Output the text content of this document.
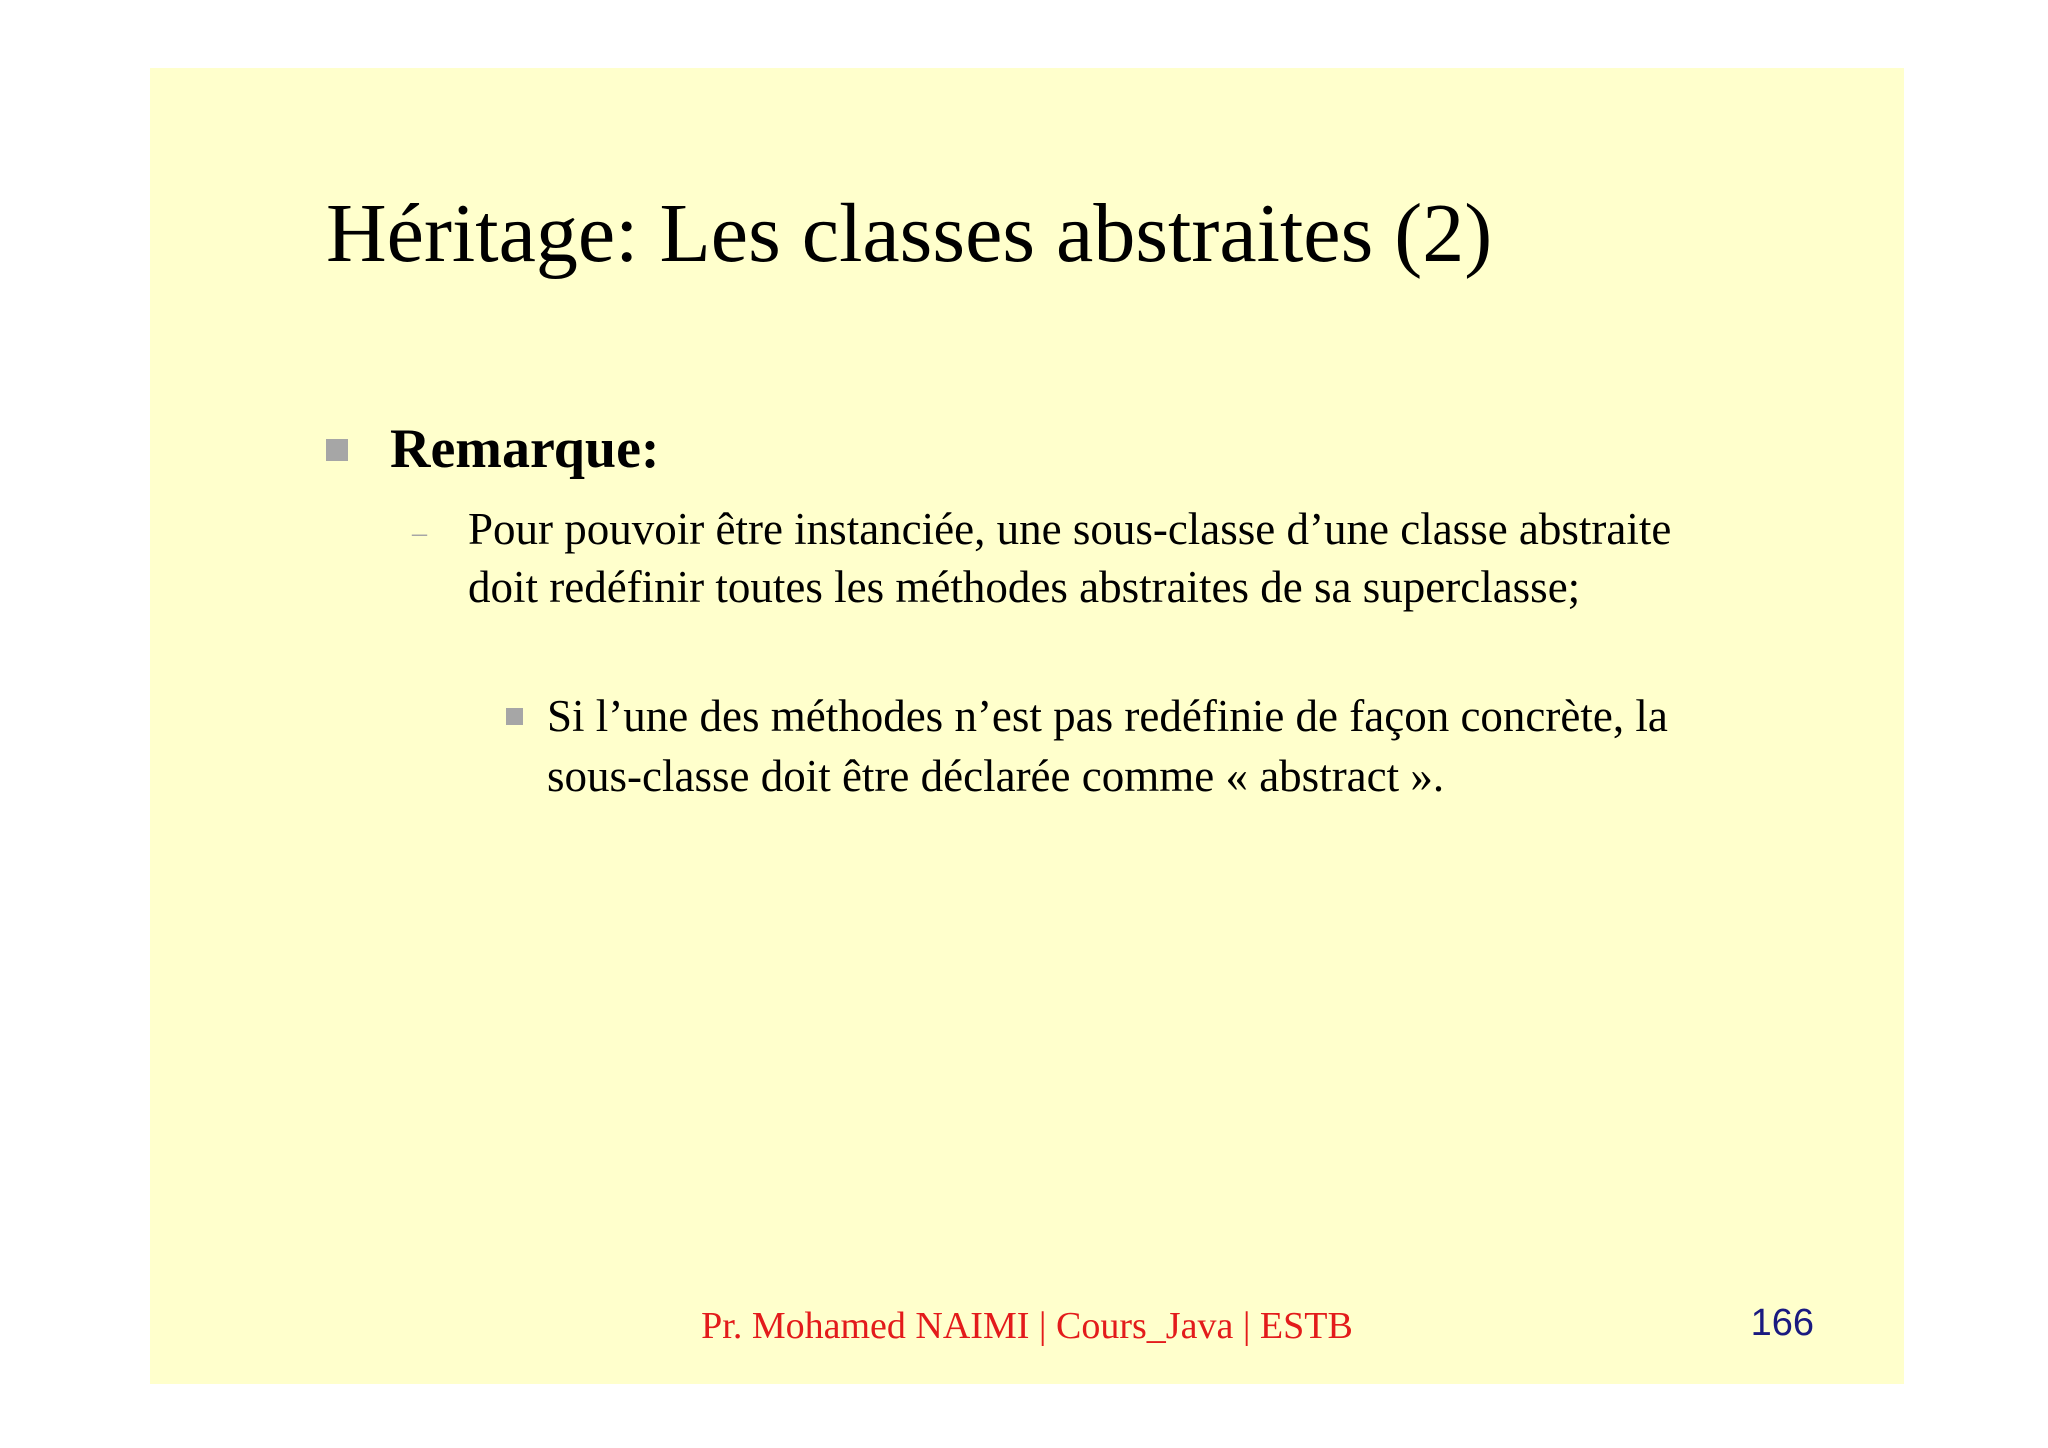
Héritage: Les classes abstraites (2)
Remarque:
– Pour pouvoir être instanciée, une sous-classe d’une classe abstraite doit redéfinir toutes les méthodes abstraites de sa superclasse;
Si l’une des méthodes n’est pas redéfinie de façon concrète, la sous-classe doit être déclarée comme « abstract ».
Pr. Mohamed NAIMI | Cours_Java | ESTB	166
